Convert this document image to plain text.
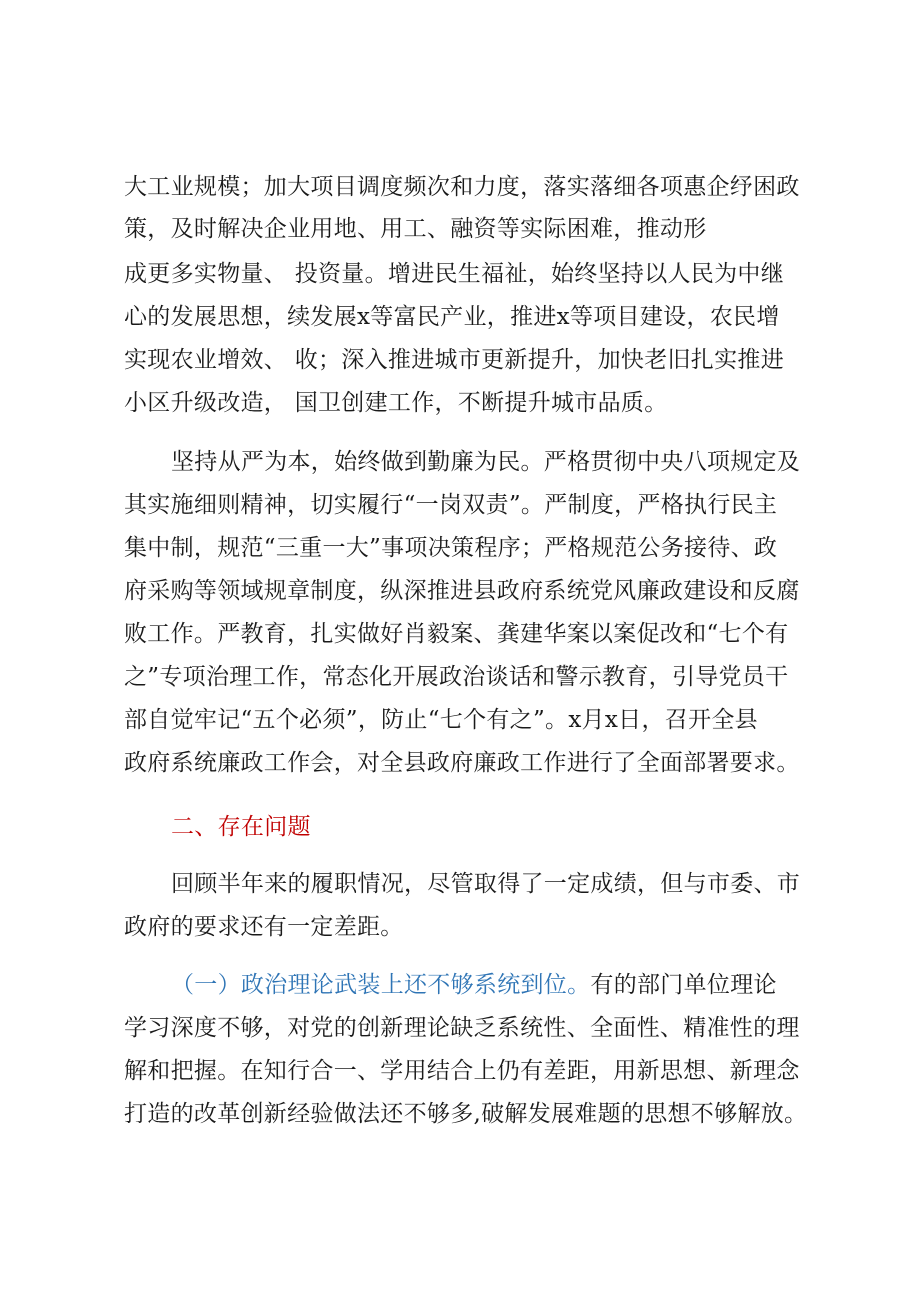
大工业规模；加大项目调度频次和力度，落实落细各项惠企纾困政
策，及时解决企业用地、用工、融资等实际困难，推动形
成更多实物量、 投资量。增进民生福祉，始终坚持以人民为中继
心的发展思想，续发展x等富民产业，推进x等项目建设，农民增
实现农业增效、 收；深入推进城市更新提升，加快老旧扎实推进
小区升级改造， 国卫创建工作，不断提升城市品质。
坚持从严为本，始终做到勤廉为民。严格贯彻中央八项规定及
其实施细则精神，切实履行“一岗双责”。严制度，严格执行民主
集中制，规范“三重一大”事项决策程序；严格规范公务接待、政
府采购等领域规章制度，纵深推进县政府系统党风廉政建设和反腐
败工作。严教育，扎实做好肖毅案、龚建华案以案促改和“七个有
之”专项治理工作，常态化开展政治谈话和警示教育，引导党员干
部自觉牢记“五个必须”，防止“七个有之”。x月x日，召开全县
政府系统廉政工作会，对全县政府廉政工作进行了全面部署要求。
二、存在问题
回顾半年来的履职情况，尽管取得了一定成绩，但与市委、市
政府的要求还有一定差距。
（一）政治理论武装上还不够系统到位。有的部门单位理论
学习深度不够，对党的创新理论缺乏系统性、全面性、精准性的理
解和把握。在知行合一、学用结合上仍有差距，用新思想、新理念
打造的改革创新经验做法还不够多,破解发展难题的思想不够解放。
